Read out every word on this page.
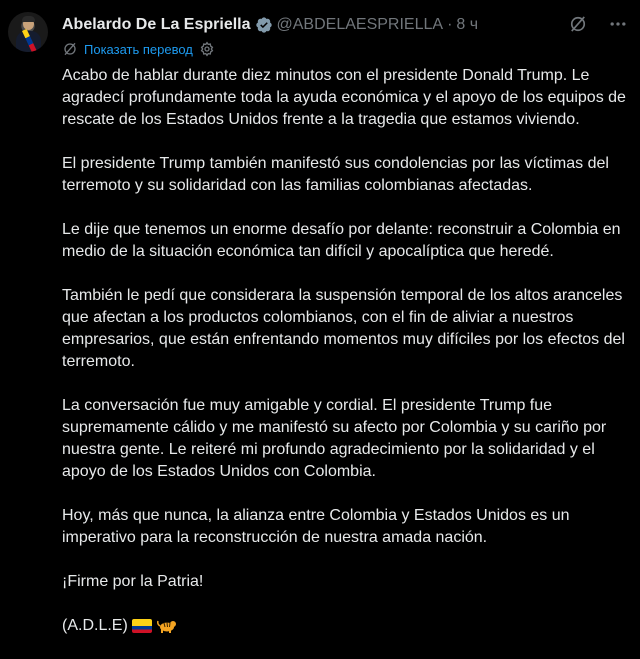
Abelardo De La Espriella @ABDELAESPRIELLA · 8 ч
Показать перевод

Acabo de hablar durante diez minutos con el presidente Donald Trump. Le agradecí profundamente toda la ayuda económica y el apoyo de los equipos de rescate de los Estados Unidos frente a la tragedia que estamos viviendo.

El presidente Trump también manifestó sus condolencias por las víctimas del terremoto y su solidaridad con las familias colombianas afectadas.

Le dije que tenemos un enorme desafío por delante: reconstruir a Colombia en medio de la situación económica tan difícil y apocalíptica que heredé.

También le pedí que considerara la suspensión temporal de los altos aranceles que afectan a los productos colombianos, con el fin de aliviar a nuestros empresarios, que están enfrentando momentos muy difíciles por los efectos del terremoto.

La conversación fue muy amigable y cordial. El presidente Trump fue supremamente cálido y me manifestó su afecto por Colombia y su cariño por nuestra gente. Le reiteré mi profundo agradecimiento por la solidaridad y el apoyo de los Estados Unidos con Colombia.

Hoy, más que nunca, la alianza entre Colombia y Estados Unidos es un imperativo para la reconstrucción de nuestra amada nación.

¡Firme por la Patria!

(A.D.L.E)
